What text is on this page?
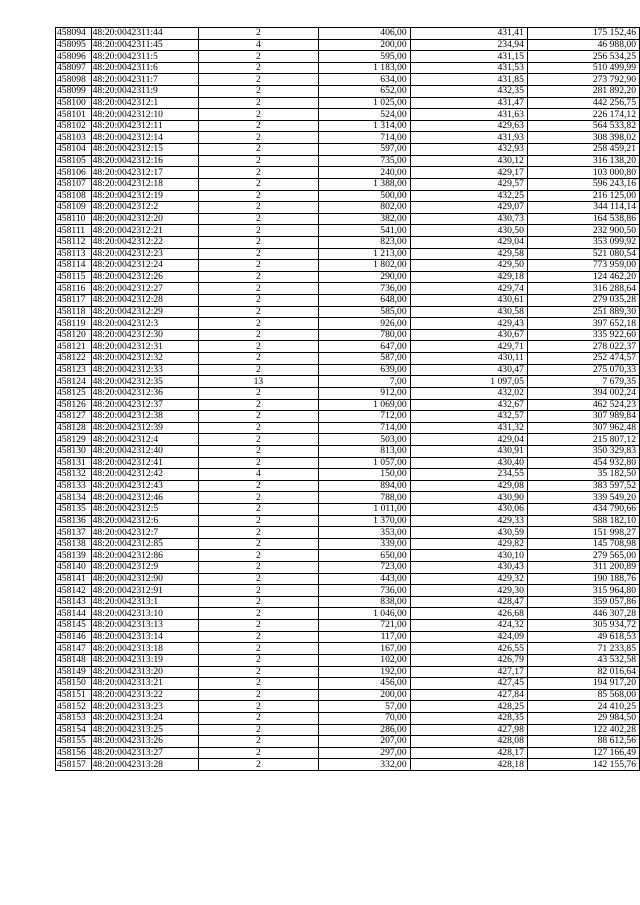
458094	48:20:0042311:44	2	406,00	431,41	175 152,46
458095	48:20:0042311:45	4	200,00	234,94	46 988,00
458096	48:20:0042311:5	2	595,00	431,15	256 534,25
458097	48:20:0042311:6	2	1 183,00	431,53	510 499,99
458098	48:20:0042311:7	2	634,00	431,85	273 792,90
458099	48:20:0042311:9	2	652,00	432,35	281 892,20
458100	48:20:0042312:1	2	1 025,00	431,47	442 256,75
458101	48:20:0042312:10	2	524,00	431,63	226 174,12
458102	48:20:0042312:11	2	1 314,00	429,63	564 533,82
458103	48:20:0042312:14	2	714,00	431,93	308 398,02
458104	48:20:0042312:15	2	597,00	432,93	258 459,21
458105	48:20:0042312:16	2	735,00	430,12	316 138,20
458106	48:20:0042312:17	2	240,00	429,17	103 000,80
458107	48:20:0042312:18	2	1 388,00	429,57	596 243,16
458108	48:20:0042312:19	2	500,00	432,25	216 125,00
458109	48:20:0042312:2	2	802,00	429,07	344 114,14
458110	48:20:0042312:20	2	382,00	430,73	164 538,86
458111	48:20:0042312:21	2	541,00	430,50	232 900,50
458112	48:20:0042312:22	2	823,00	429,04	353 099,92
458113	48:20:0042312:23	2	1 213,00	429,58	521 080,54
458114	48:20:0042312:24	2	1 802,00	429,50	773 959,00
458115	48:20:0042312:26	2	290,00	429,18	124 462,20
458116	48:20:0042312:27	2	736,00	429,74	316 288,64
458117	48:20:0042312:28	2	648,00	430,61	279 035,28
458118	48:20:0042312:29	2	585,00	430,58	251 889,30
458119	48:20:0042312:3	2	926,00	429,43	397 652,18
458120	48:20:0042312:30	2	780,00	430,67	335 922,60
458121	48:20:0042312:31	2	647,00	429,71	278 022,37
458122	48:20:0042312:32	2	587,00	430,11	252 474,57
458123	48:20:0042312:33	2	639,00	430,47	275 070,33
458124	48:20:0042312:35	13	7,00	1 097,05	7 679,35
458125	48:20:0042312:36	2	912,00	432,02	394 002,24
458126	48:20:0042312:37	2	1 069,00	432,67	462 524,23
458127	48:20:0042312:38	2	712,00	432,57	307 989,84
458128	48:20:0042312:39	2	714,00	431,32	307 962,48
458129	48:20:0042312:4	2	503,00	429,04	215 807,12
458130	48:20:0042312:40	2	813,00	430,91	350 329,83
458131	48:20:0042312:41	2	1 057,00	430,40	454 932,80
458132	48:20:0042312:42	4	150,00	234,55	35 182,50
458133	48:20:0042312:43	2	894,00	429,08	383 597,52
458134	48:20:0042312:46	2	788,00	430,90	339 549,20
458135	48:20:0042312:5	2	1 011,00	430,06	434 790,66
458136	48:20:0042312:6	2	1 370,00	429,33	588 182,10
458137	48:20:0042312:7	2	353,00	430,59	151 998,27
458138	48:20:0042312:85	2	339,00	429,82	145 708,98
458139	48:20:0042312:86	2	650,00	430,10	279 565,00
458140	48:20:0042312:9	2	723,00	430,43	311 200,89
458141	48:20:0042312:90	2	443,00	429,32	190 188,76
458142	48:20:0042312:91	2	736,00	429,30	315 964,80
458143	48:20:0042313:1	2	838,00	428,47	359 057,86
458144	48:20:0042313:10	2	1 046,00	426,68	446 307,28
458145	48:20:0042313:13	2	721,00	424,32	305 934,72
458146	48:20:0042313:14	2	117,00	424,09	49 618,53
458147	48:20:0042313:18	2	167,00	426,55	71 233,85
458148	48:20:0042313:19	2	102,00	426,79	43 532,58
458149	48:20:0042313:20	2	192,00	427,17	82 016,64
458150	48:20:0042313:21	2	456,00	427,45	194 917,20
458151	48:20:0042313:22	2	200,00	427,84	85 568,00
458152	48:20:0042313:23	2	57,00	428,25	24 410,25
458153	48:20:0042313:24	2	70,00	428,35	29 984,50
458154	48:20:0042313:25	2	286,00	427,98	122 402,28
458155	48:20:0042313:26	2	207,00	428,08	88 612,56
458156	48:20:0042313:27	2	297,00	428,17	127 166,49
458157	48:20:0042313:28	2	332,00	428,18	142 155,76
